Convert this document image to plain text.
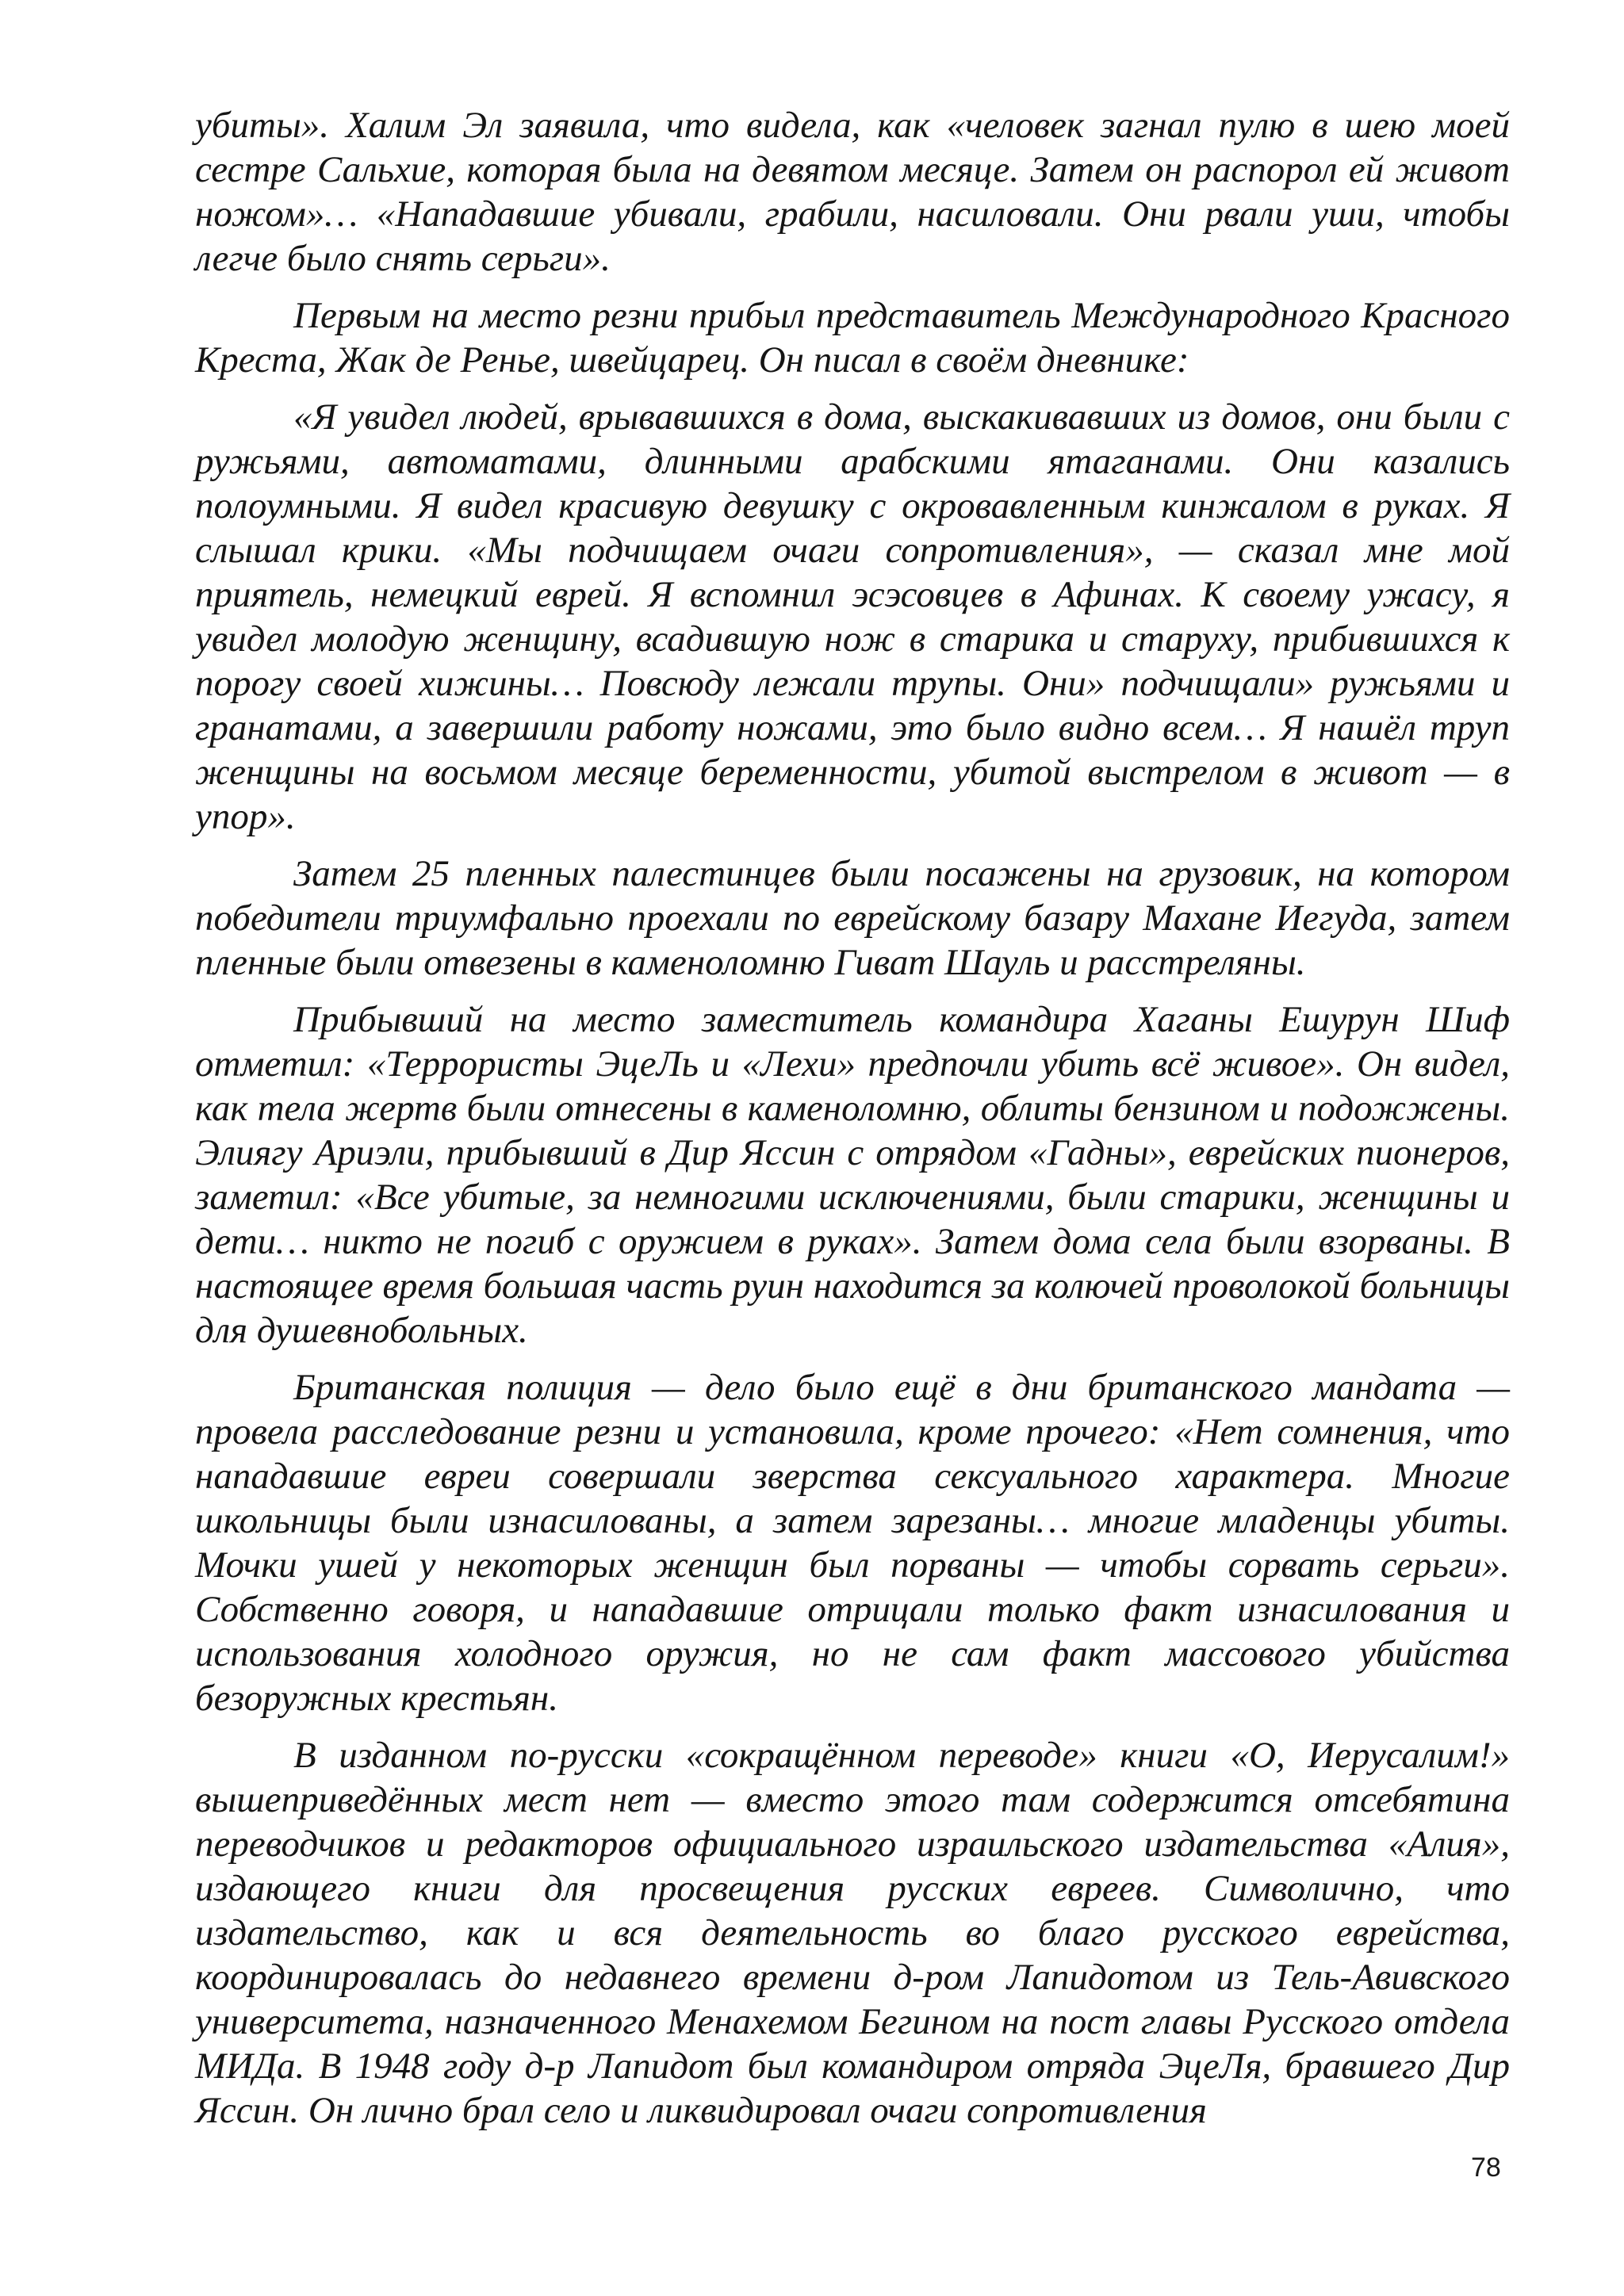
убиты». Халим Эл заявила, что видела, как «человек загнал пулю в шею моей сестре Сальхие, которая была на девятом месяце. Затем он распорол ей живот ножом»… «Нападавшие убивали, грабили, насиловали. Они рвали уши, чтобы легче было снять серьги».

Первым на место резни прибыл представитель Международного Красного Креста, Жак де Ренье, швейцарец. Он писал в своём дневнике:

«Я увидел людей, врывавшихся в дома, выскакивавших из домов, они были с ружьями, автоматами, длинными арабскими ятаганами. Они казались полоумными. Я видел красивую девушку с окровавленным кинжалом в руках. Я слышал крики. «Мы подчищаем очаги сопротивления», — сказал мне мой приятель, немецкий еврей. Я вспомнил эсэсовцев в Афинах. К своему ужасу, я увидел молодую женщину, всадившую нож в старика и старуху, прибившихся к порогу своей хижины… Повсюду лежали трупы. Они» подчищали» ружьями и гранатами, а завершили работу ножами, это было видно всем… Я нашёл труп женщины на восьмом месяце беременности, убитой выстрелом в живот — в упор».

Затем 25 пленных палестинцев были посажены на грузовик, на котором победители триумфально проехали по еврейскому базару Махане Иегуда, затем пленные были отвезены в каменоломню Гиват Шауль и расстреляны.

Прибывший на место заместитель командира Хаганы Ешурун Шиф отметил: «Террористы ЭцеЛь и «Лехи» предпочли убить всё живое». Он видел, как тела жертв были отнесены в каменоломню, облиты бензином и подожжены. Элиягу Ариэли, прибывший в Дир Яссин с отрядом «Гадны», еврейских пионеров, заметил: «Все убитые, за немногими исключениями, были старики, женщины и дети… никто не погиб с оружием в руках». Затем дома села были взорваны. В настоящее время большая часть руин находится за колючей проволокой больницы для душевнобольных.

Британская полиция — дело было ещё в дни британского мандата — провела расследование резни и установила, кроме прочего: «Нет сомнения, что нападавшие евреи совершали зверства сексуального характера. Многие школьницы были изнасилованы, а затем зарезаны… многие младенцы убиты. Мочки ушей у некоторых женщин был порваны — чтобы сорвать серьги». Собственно говоря, и нападавшие отрицали только факт изнасилования и использования холодного оружия, но не сам факт массового убийства безоружных крестьян.

В изданном по-русски «сокращённом переводе» книги «О, Иерусалим!» вышеприведённых мест нет — вместо этого там содержится отсебятина переводчиков и редакторов официального израильского издательства «Алия», издающего книги для просвещения русских евреев. Символично, что издательство, как и вся деятельность во благо русского еврейства, координировалась до недавнего времени д-ром Лапидотом из Тель-Авивского университета, назначенного Менахемом Бегином на пост главы Русского отдела МИДа. В 1948 году д-р Лапидот был командиром отряда ЭцеЛя, бравшего Дир Яссин. Он лично брал село и ликвидировал очаги сопротивления

78
